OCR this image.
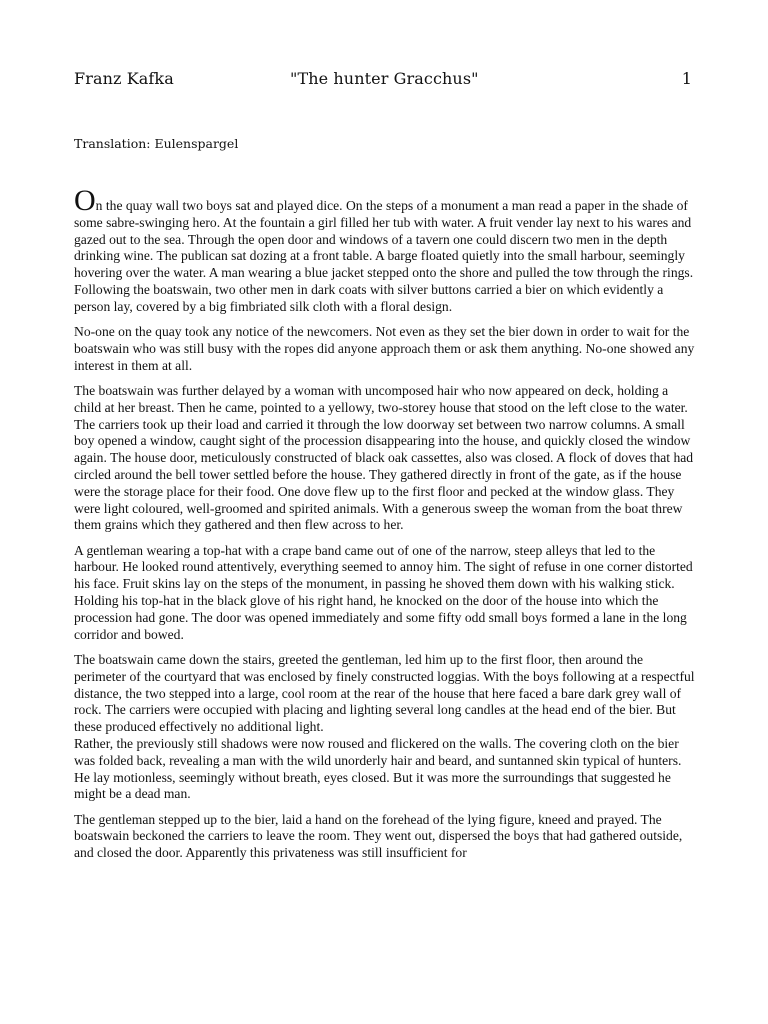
Franz Kafka	"The hunter Gracchus"	1
Translation: Eulenspargel

On the quay wall two boys sat and played dice. On the steps of a monument a man read a paper in the shade of some sabre-swinging hero. At the fountain a girl filled her tub with water. A fruit vender lay next to his wares and gazed out to the sea. Through the open door and windows of a tavern one could discern two men in the depth drinking wine. The publican sat dozing at a front table. A barge floated quietly into the small harbour, seemingly hovering over the water. A man wearing a blue jacket stepped onto the shore and pulled the tow through the rings. Following the boatswain, two other men in dark coats with silver buttons carried a bier on which evidently a person lay, covered by a big fimbriated silk cloth with a floral design.

No-one on the quay took any notice of the newcomers. Not even as they set the bier down in order to wait for the boatswain who was still busy with the ropes did anyone approach them or ask them anything. No-one showed any interest in them at all.

The boatswain was further delayed by a woman with uncomposed hair who now appeared on deck, holding a child at her breast. Then he came, pointed to a yellowy, two-storey house that stood on the left close to the water. The carriers took up their load and carried it through the low doorway set between two narrow columns. A small boy opened a window, caught sight of the procession disappearing into the house, and quickly closed the window again. The house door, meticulously constructed of black oak cassettes, also was closed. A flock of doves that had circled around the bell tower settled before the house. They gathered directly in front of the gate, as if the house were the storage place for their food. One dove flew up to the first floor and pecked at the window glass. They were light coloured, well-groomed and spirited animals. With a generous sweep the woman from the boat threw them grains which they gathered and then flew across to her.

A gentleman wearing a top-hat with a crape band came out of one of the narrow, steep alleys that led to the harbour. He looked round attentively, everything seemed to annoy him. The sight of refuse in one corner distorted his face. Fruit skins lay on the steps of the monument, in passing he shoved them down with his walking stick. Holding his top-hat in the black glove of his right hand, he knocked on the door of the house into which the procession had gone. The door was opened immediately and some fifty odd small boys formed a lane in the long corridor and bowed.

The boatswain came down the stairs, greeted the gentleman, led him up to the first floor, then around the perimeter of the courtyard that was enclosed by finely constructed loggias. With the boys following at a respectful distance, the two stepped into a large, cool room at the rear of the house that here faced a bare dark grey wall of rock. The carriers were occupied with placing and lighting several long candles at the head end of the bier. But these produced effectively no additional light.

Rather, the previously still shadows were now roused and flickered on the walls. The covering cloth on the bier was folded back, revealing a man with the wild unorderly hair and beard, and suntanned skin typical of hunters. He lay motionless, seemingly without breath, eyes closed. But it was more the surroundings that suggested he might be a dead man.

The gentleman stepped up to the bier, laid a hand on the forehead of the lying figure, kneed and prayed. The boatswain beckoned the carriers to leave the room. They went out, dispersed the boys that had gathered outside, and closed the door. Apparently this privateness was still insufficient for
